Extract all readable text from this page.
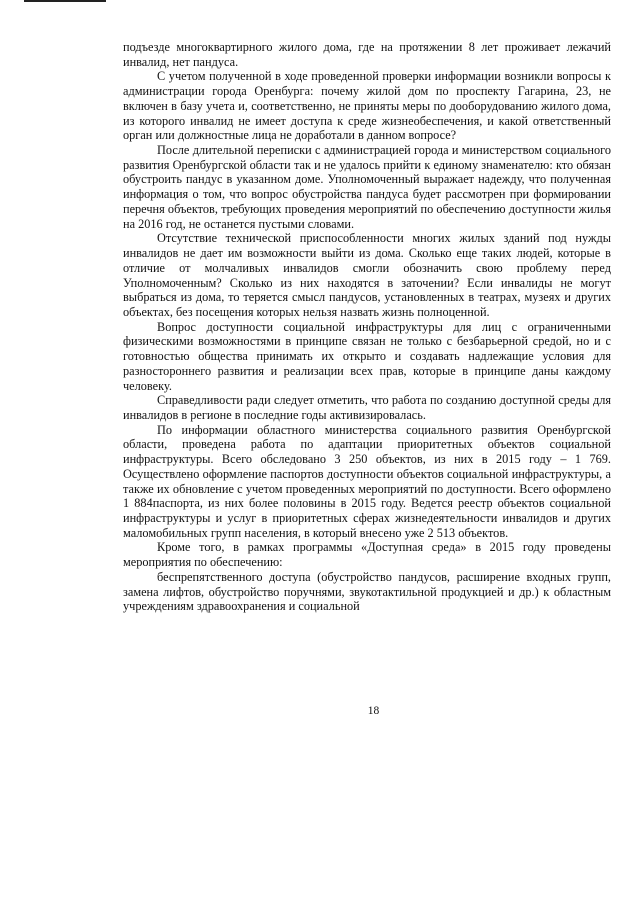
подъезде многоквартирного жилого дома, где на протяжении 8 лет проживает лежачий инвалид, нет пандуса.

С учетом полученной в ходе проведенной проверки информации возникли вопросы к администрации города Оренбурга: почему жилой дом по проспекту Гагарина, 23, не включен в базу учета и, соответственно, не приняты меры по дооборудованию жилого дома, из которого инвалид не имеет доступа к среде жизнеобеспечения, и какой ответственный орган или должностные лица не доработали в данном вопросе?

После длительной переписки с администрацией города и министерством социального развития Оренбургской области так и не удалось прийти к единому знаменателю: кто обязан обустроить пандус в указанном доме. Уполномоченный выражает надежду, что полученная информация о том, что вопрос обустройства пандуса будет рассмотрен при формировании перечня объектов, требующих проведения мероприятий по обеспечению доступности жилья на 2016 год, не останется пустыми словами.

Отсутствие технической приспособленности многих жилых зданий под нужды инвалидов не дает им возможности выйти из дома. Сколько еще таких людей, которые в отличие от молчаливых инвалидов смогли обозначить свою проблему перед Уполномоченным? Сколько из них находятся в заточении? Если инвалиды не могут выбраться из дома, то теряется смысл пандусов, установленных в театрах, музеях и других объектах, без посещения которых нельзя назвать жизнь полноценной.

Вопрос доступности социальной инфраструктуры для лиц с ограниченными физическими возможностями в принципе связан не только с безбарьерной средой, но и с готовностью общества принимать их открыто и создавать надлежащие условия для разностороннего развития и реализации всех прав, которые в принципе даны каждому человеку.

Справедливости ради следует отметить, что работа по созданию доступной среды для инвалидов в регионе в последние годы активизировалась.

По информации областного министерства социального развития Оренбургской области, проведена работа по адаптации приоритетных объектов социальной инфраструктуры. Всего обследовано 3 250 объектов, из них в 2015 году – 1 769. Осуществлено оформление паспортов доступности объектов социальной инфраструктуры, а также их обновление с учетом проведенных мероприятий по доступности. Всего оформлено 1 884паспорта, из них более половины в 2015 году. Ведется реестр объектов социальной инфраструктуры и услуг в приоритетных сферах жизнедеятельности инвалидов и других маломобильных групп населения, в который внесено уже 2 513 объектов.

Кроме того, в рамках программы «Доступная среда» в 2015 году проведены мероприятия по обеспечению:

беспрепятственного доступа (обустройство пандусов, расширение входных групп, замена лифтов, обустройство поручнями, звукотактильной продукцией и др.) к областным учреждениям здравоохранения и социальной

18
